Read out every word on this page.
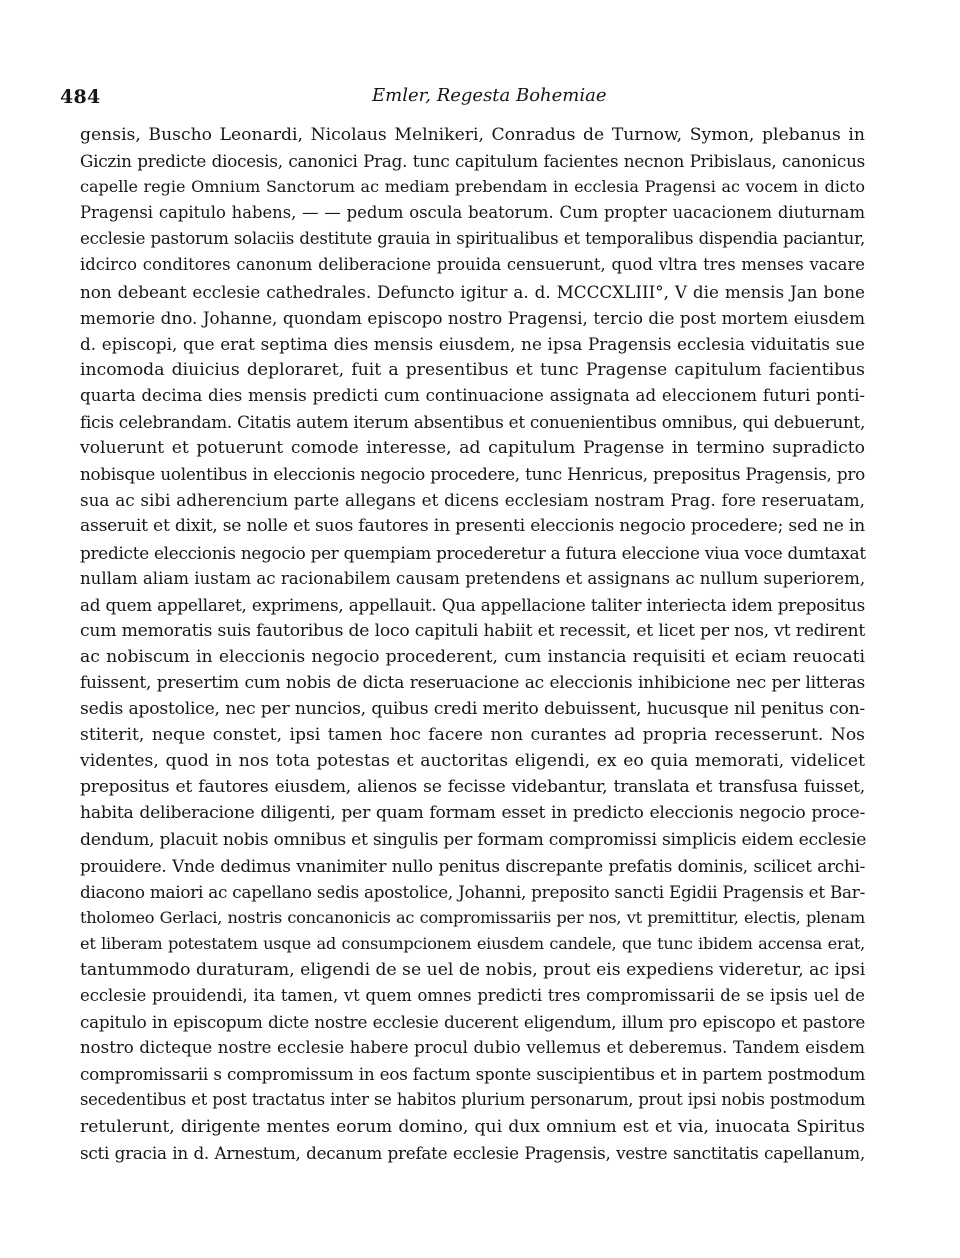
484	Emler, Regesta Bohemiae
gensis, Buscho Leonardi, Nicolaus Melnikeri, Conradus de Turnow, Symon, plebanus in
Giczin predicte diocesis, canonici Prag. tunc capitulum facientes necnon Pribislaus, canonicus
capelle regie Omnium Sanctorum ac mediam prebendam in ecclesia Pragensi ac vocem in dicto
Pragensi capitulo habens, — — pedum oscula beatorum. Cum propter uacacionem diuturnam
ecclesie pastorum solaciis destitute grauia in spiritualibus et temporalibus dispendia paciantur,
idcirco conditores canonum deliberacione prouida censuerunt, quod vltra tres menses vacare
non debeant ecclesie cathedrales. Defuncto igitur a. d. MCCCXLIII°, V die mensis Jan bone
memorie dno. Johanne, quondam episcopo nostro Pragensi, tercio die post mortem eiusdem
d. episcopi, que erat septima dies mensis eiusdem, ne ipsa Pragensis ecclesia viduitatis sue
incomoda diuicius deploraret, fuit a presentibus et tunc Pragense capitulum facientibus
quarta decima dies mensis predicti cum continuacione assignata ad eleccionem futuri ponti-
ficis celebrandam. Citatis autem iterum absentibus et conuenientibus omnibus, qui debuerunt,
voluerunt et potuerunt comode interesse, ad capitulum Pragense in termino supradicto
nobisque uolentibus in eleccionis negocio procedere, tunc Henricus, prepositus Pragensis, pro
sua ac sibi adherencium parte allegans et dicens ecclesiam nostram Prag. fore reseruatam,
asseruit et dixit, se nolle et suos fautores in presenti eleccionis negocio procedere; sed ne in
predicte eleccionis negocio per quempiam procederetur a futura eleccione viua voce dumtaxat
nullam aliam iustam ac racionabilem causam pretendens et assignans ac nullum superiorem,
ad quem appellaret, exprimens, appellauit. Qua appellacione taliter interiecta idem prepositus
cum memoratis suis fautoribus de loco capituli habiit et recessit, et licet per nos, vt redirent
ac nobiscum in eleccionis negocio procederent, cum instancia requisiti et eciam reuocati
fuissent, presertim cum nobis de dicta reseruacione ac eleccionis inhibicione nec per litteras
sedis apostolice, nec per nuncios, quibus credi merito debuissent, hucusque nil penitus con-
stiterit, neque constet, ipsi tamen hoc facere non curantes ad propria recesserunt. Nos
videntes, quod in nos tota potestas et auctoritas eligendi, ex eo quia memorati, videlicet
prepositus et fautores eiusdem, alienos se fecisse videbantur, translata et transfusa fuisset,
habita deliberacione diligenti, per quam formam esset in predicto eleccionis negocio proce-
dendum, placuit nobis omnibus et singulis per formam compromissi simplicis eidem ecclesie
prouidere. Vnde dedimus vnanimiter nullo penitus discrepante prefatis dominis, scilicet archi-
diacono maiori ac capellano sedis apostolice, Johanni, preposito sancti Egidii Pragensis et Bar-
tholomeo Gerlaci, nostris concanonicis ac compromissariis per nos, vt premittitur, electis, plenam
et liberam potestatem usque ad consumpcionem eiusdem candele, que tunc ibidem accensa erat,
tantummodo duraturam, eligendi de se uel de nobis, prout eis expediens videretur, ac ipsi
ecclesie prouidendi, ita tamen, vt quem omnes predicti tres compromissarii de se ipsis uel de
capitulo in episcopum dicte nostre ecclesie ducerent eligendum, illum pro episcopo et pastore
nostro dicteque nostre ecclesie habere procul dubio vellemus et deberemus. Tandem eisdem
compromissarii s compromissum in eos factum sponte suscipientibus et in partem postmodum
secedentibus et post tractatus inter se habitos plurium personarum, prout ipsi nobis postmodum
retulerunt, dirigente mentes eorum domino, qui dux omnium est et via, inuocata Spiritus
scti gracia in d. Arnestum, decanum prefate ecclesie Pragensis, vestre sanctitatis capellanum,
